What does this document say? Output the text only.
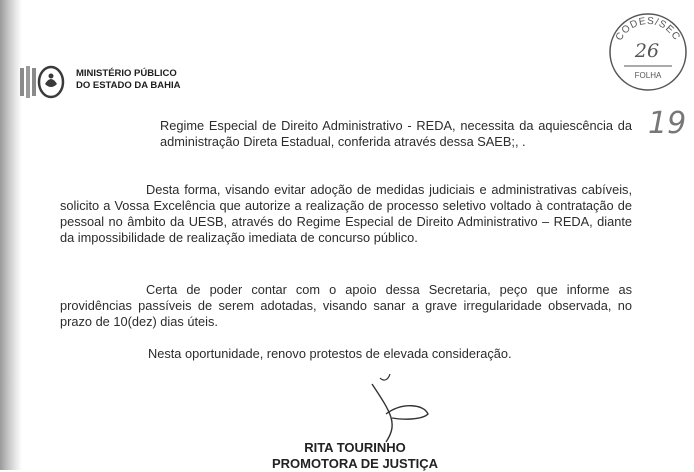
MINISTÉRIO PÚBLICO
DO ESTADO DA BAHIA
CODES/SEC
FOLHA
26
19

Regime Especial de Direito Administrativo - REDA, necessita da aquiescência da administração Direta Estadual, conferida através dessa SAEB;, .

Desta forma, visando evitar adoção de medidas judiciais e administrativas cabíveis, solicito a Vossa Excelência que autorize a realização de processo seletivo voltado à contratação de pessoal no âmbito da UESB, através do Regime Especial de Direito Administrativo – REDA, diante da impossibilidade de realização imediata de concurso público.

Certa de poder contar com o apoio dessa Secretaria, peço que informe as providências passíveis de serem adotadas, visando sanar a grave irregularidade observada, no prazo de 10(dez) dias úteis.

Nesta oportunidade, renovo protestos de elevada consideração.

RITA TOURINHO
PROMOTORA DE JUSTIÇA
